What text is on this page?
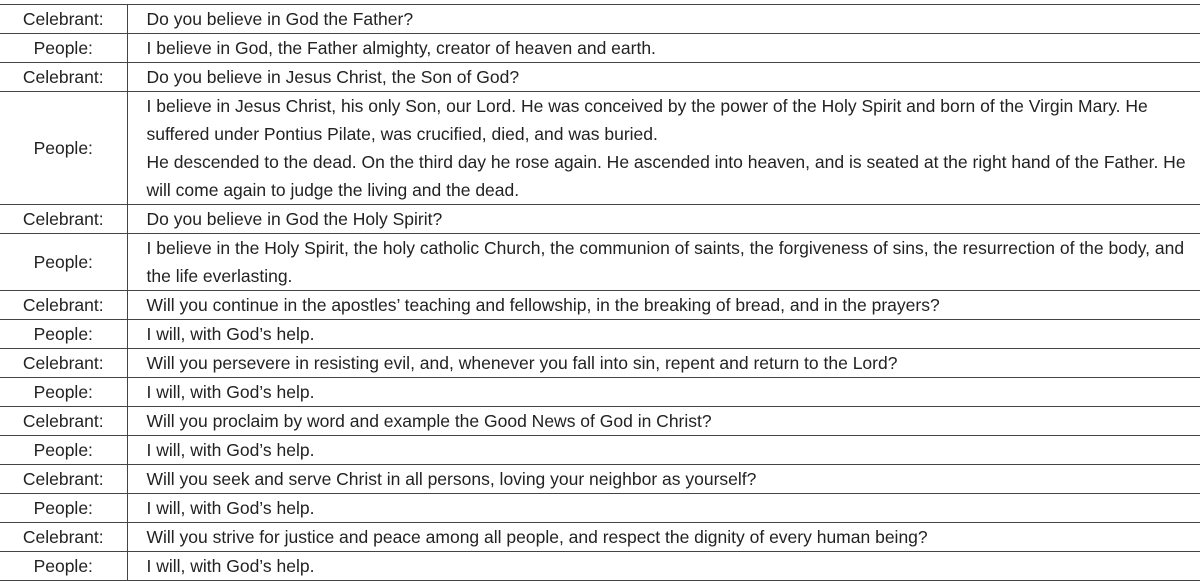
Celebrant:	Do you believe in God the Father?

People:	I believe in God, the Father almighty, creator of heaven and earth.

Celebrant:	Do you believe in Jesus Christ, the Son of God?

People:	I believe in Jesus Christ, his only Son, our Lord. He was conceived by the power of the Holy Spirit and born of the Virgin Mary. He suffered under Pontius Pilate, was crucified, died, and was buried.
He descended to the dead. On the third day he rose again. He ascended into heaven, and is seated at the right hand of the Father. He will come again to judge the living and the dead.

Celebrant:	Do you believe in God the Holy Spirit?

People:	I believe in the Holy Spirit, the holy catholic Church, the communion of saints, the forgiveness of sins, the resurrection of the body, and the life everlasting.

Celebrant:	Will you continue in the apostles’ teaching and fellowship, in the breaking of bread, and in the prayers?

People:	I will, with God’s help.

Celebrant:	Will you persevere in resisting evil, and, whenever you fall into sin, repent and return to the Lord?

People:	I will, with God’s help.

Celebrant:	Will you proclaim by word and example the Good News of God in Christ?

People:	I will, with God’s help.

Celebrant:	Will you seek and serve Christ in all persons, loving your neighbor as yourself?

People:	I will, with God’s help.

Celebrant:	Will you strive for justice and peace among all people, and respect the dignity of every human being?

People:	I will, with God’s help.
